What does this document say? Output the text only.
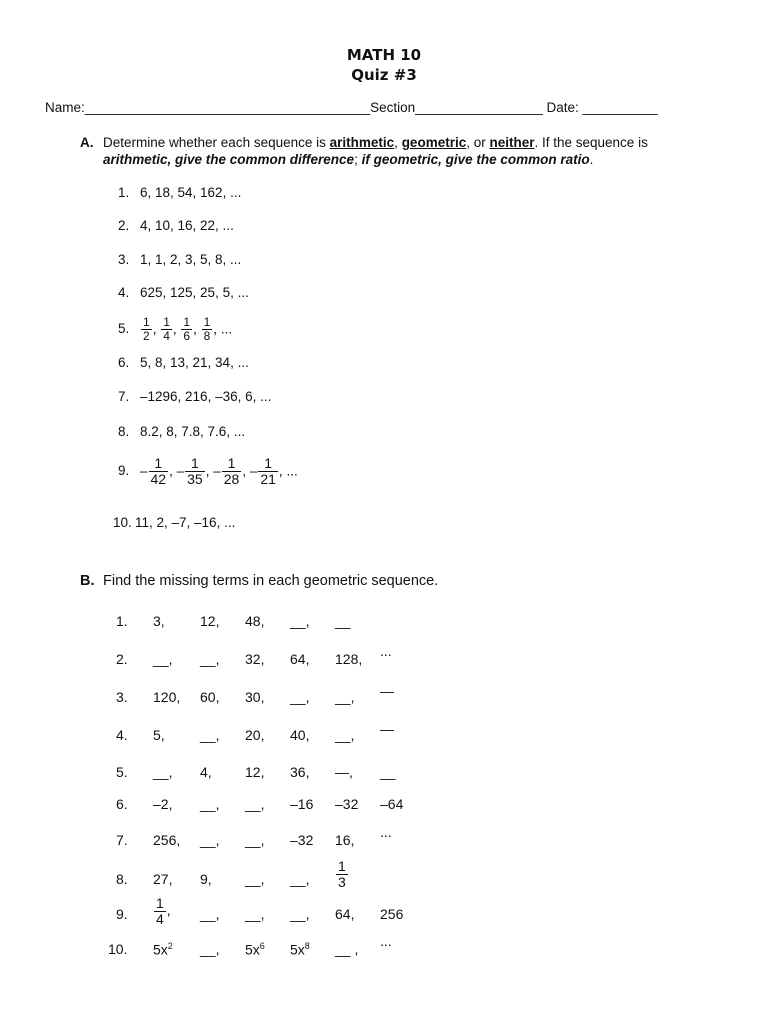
MATH 10
Quiz #3
Name:______________________________________Section_________________ Date: __________
A. Determine whether each sequence is arithmetic, geometric, or neither. If the sequence is
arithmetic, give the common difference; if geometric, give the common ratio.
1. 6, 18, 54, 162, ...
2. 4, 10, 16, 22, ...
3. 1, 1, 2, 3, 5, 8, ...
4. 625, 125, 25, 5, ...
5. $\frac{1}{2}$ , $\frac{1}{4}$ , $\frac{1}{6}$ , $\frac{1}{8}$ , ...
6. 5, 8, 13, 21, 34, ...
7. –1296, 216, –36, 6, ...
8. 8.2, 8, 7.8, 7.6, ...
9. – $\frac{1}{42}$ , – $\frac{1}{35}$ , – $\frac{1}{28}$ , – $\frac{1}{21}$ , ...
10. 11, 2, –7, –16, ...
B. Find the missing terms in each geometric sequence.
1. 3,	12, 48, __, __
2. __, __, 32, 64, 128, ...
3. 120, 60, 30, __, __, —
4. 5,	__, 20, 40, __, —
5. __, 4, 12, 36, —, __
6. –2, __, __, –16 –32 –64
7. 256, __, __, –32 16, ...
8. 27, 9, __, __, $\frac{1}{3}$
9. $\frac{1}{4}$ , __, __, __, 64, 256
10. $5x^2$ __, $5x^6$ $5x^8$ __ , ...
